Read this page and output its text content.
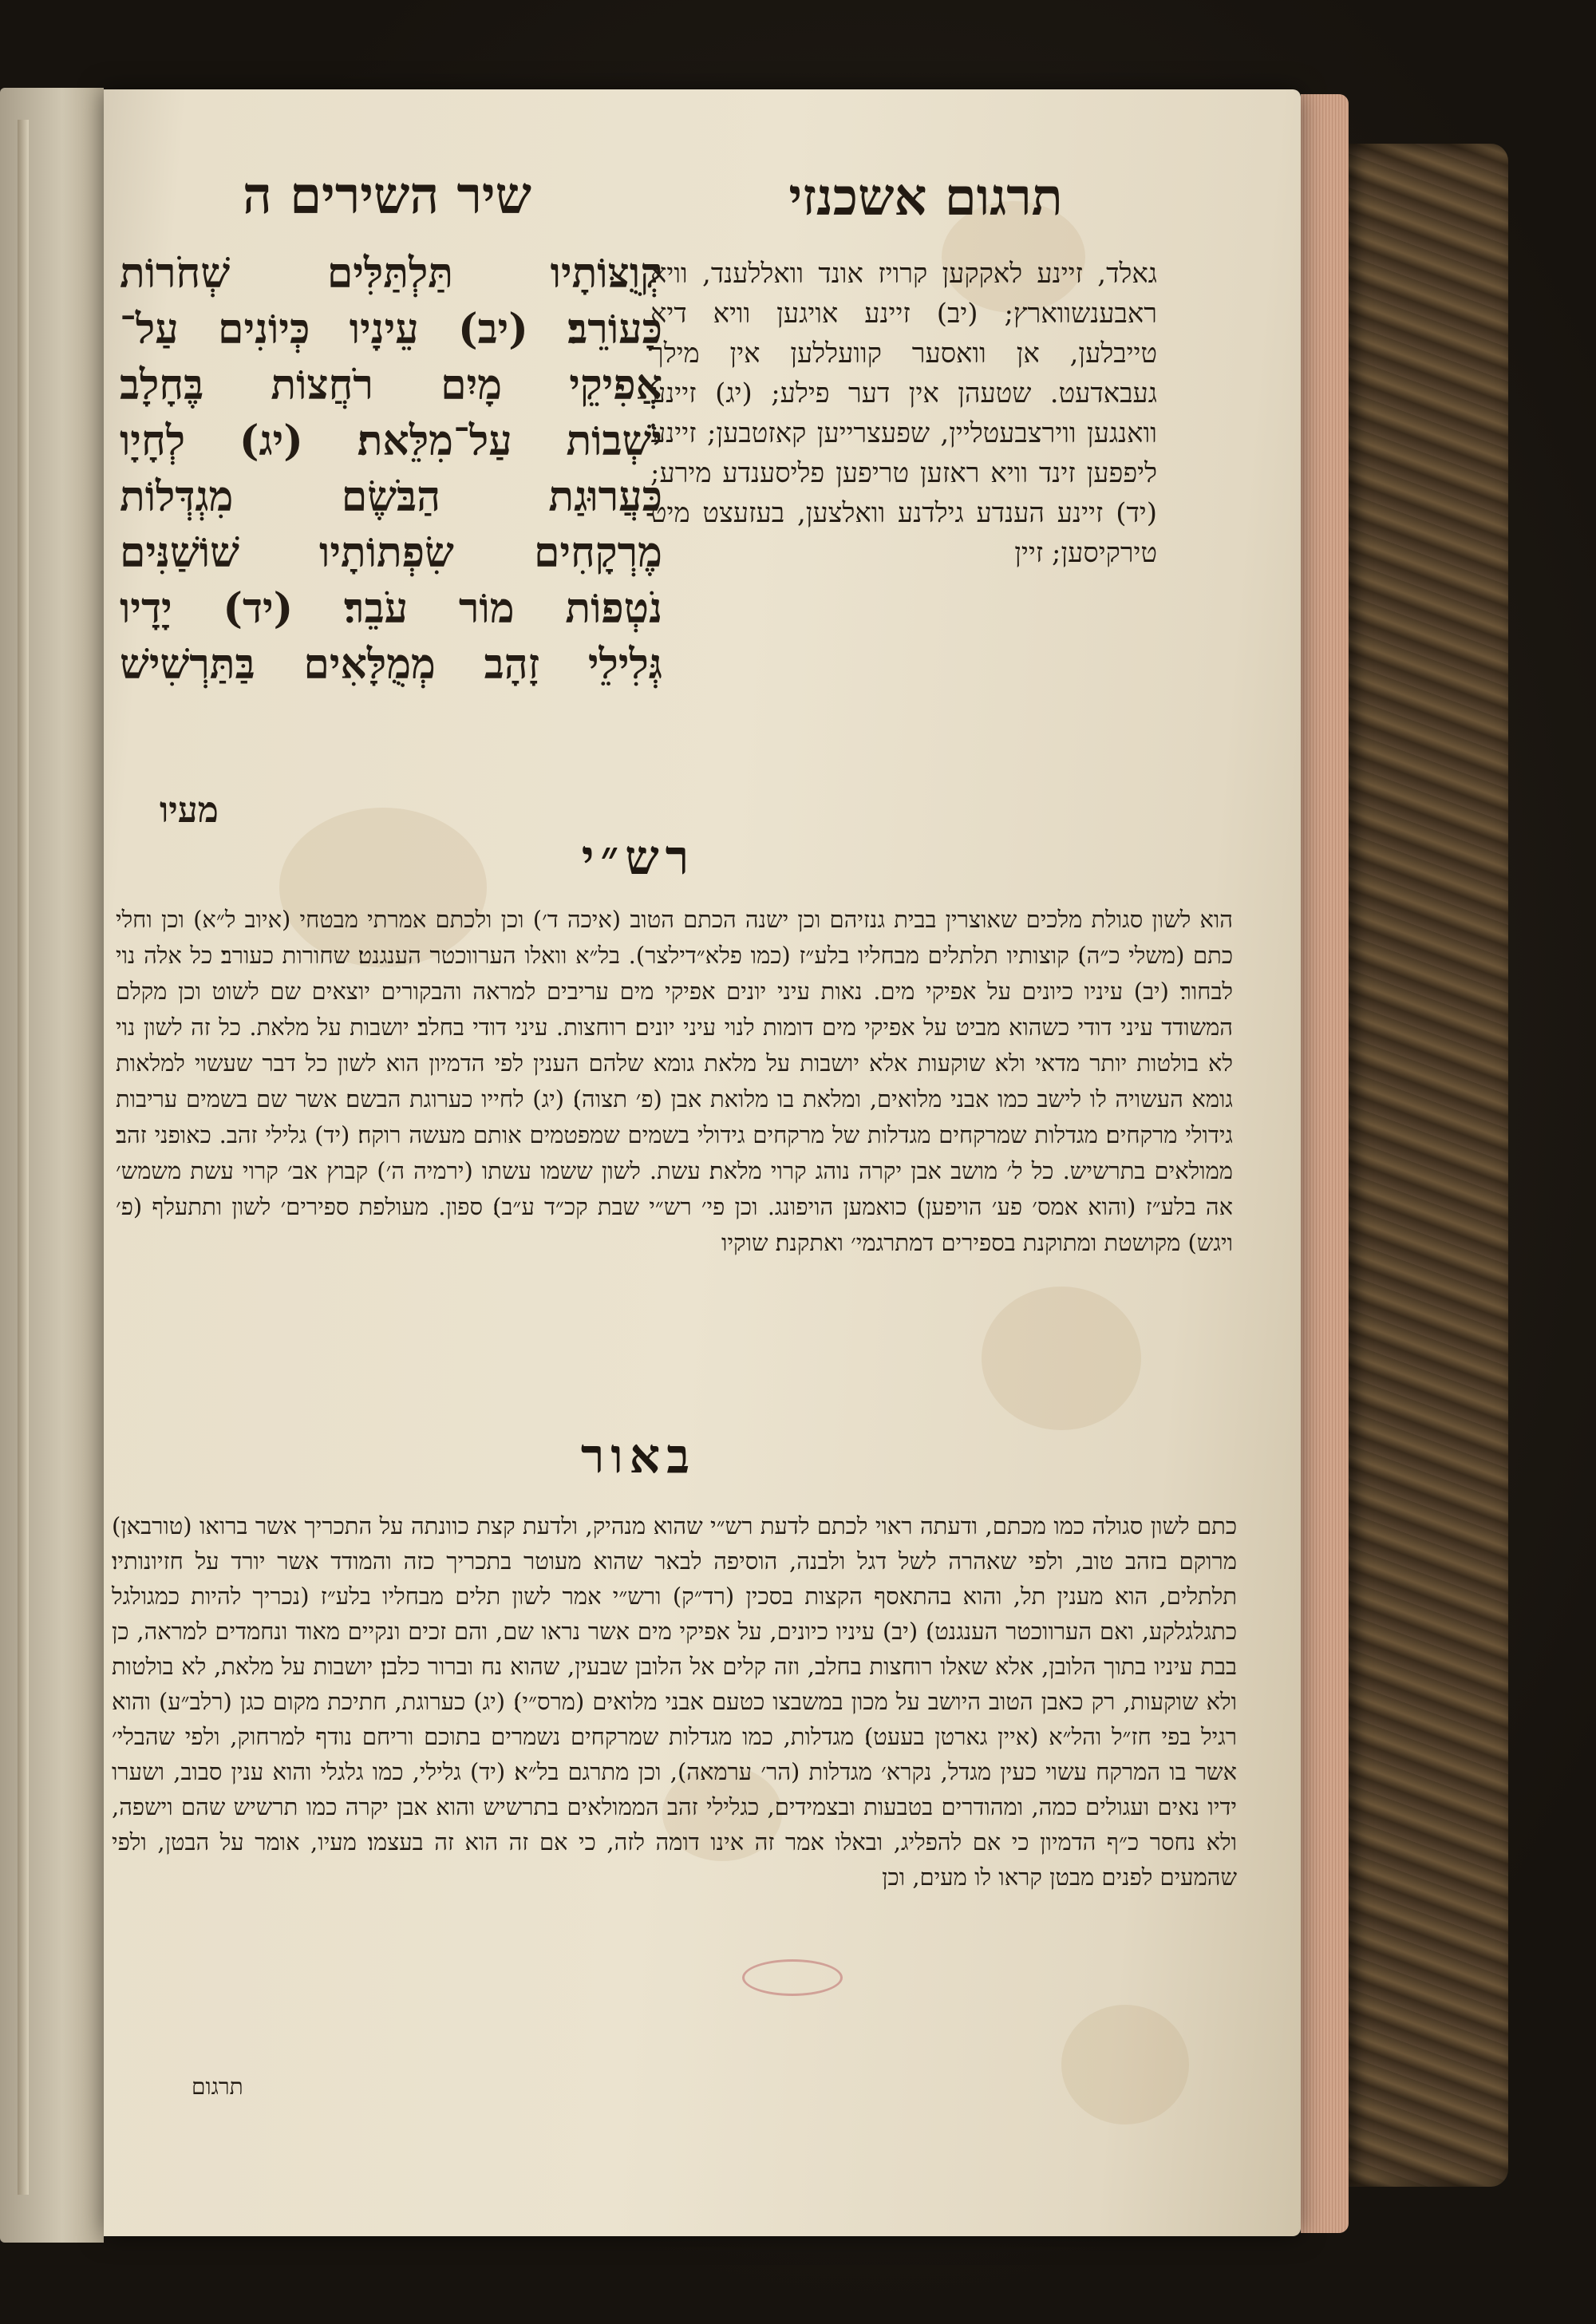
תרגום אשכנזי
שיר השירים ה

גאלד, זיינע לאקקען קרויז אונד וואללענד, וויא ראבענשווארץ; (יב) זיינע אויגען וויא דיא טייבלען, אן וואסער קוועללען אין מילך געבאדעט. שטעהן אין דער פילע; (יג) זיינע וואנגען ווירצבעטליין, שפעצרייען קאזטבען; זיינע ליפפען זינד וויא ראזען טריפען פליסענדע מירע; (יד) זיינע הענדע גילדנע וואלצען, בעזעצט מיט טירקיסען; זיין

קְוֻצּוֹתָיו תַּלְתַּלִּים שְׁחֹרוֹת
כָּעוֹרֵב׃ (יב) עֵינָיו כְּיוֹנִים עַל־
אֲפִיקֵי מָיִם רֹחֲצוֹת בֶּחָלָב
יֹשְׁבוֹת עַל־מִלֵּאת׃ (יג) לְחָיָו
כַּעֲרוּגַת הַבֹּשֶׂם מִגְדְּלוֹת
מֶרְקָחִים שִׂפְתוֹתָיו שׁוֹשַׁנִּים
נֹטְפוֹת מוֹר עֹבֵר׃ (יד) יָדָיו
גְּלִילֵי זָהָב מְמֻלָּאִים בַּתַּרְשִׁישׁ
מעיו
רש״י

הוא לשון סגולת מלכים שאוצרין בבית גנזיהם וכן ישנה הכתם הטוב (איכה ד׳) וכן ולכתם אמרתי מבטחי (איוב ל״א) וכן וחלי כתם (משלי כ״ה)׃ קוצותיו תלתלים מבחליו בלע״ז (כמו פלא״דילצר). בל״א וואלו הערווכטר הענגנט׃ שחורות כעורב׃ כל אלה נוי לבחור׃ (יב) עיניו כיונים על אפיקי מים. נאות עיני יונים אפיקי מים עריבים למראה והבקורים יוצאים שם לשוט וכן מקלם המשודד עיני דודי כשהוא מביט על אפיקי מים דומות לנוי עיני יונים׃ רוחצות. עיני דודי בחלב׃ יושבות על מלאת. כל זה לשון נוי לא בולטות יותר מדאי ולא שוקעות אלא יושבות על מלאת גומא שלהם הענין לפי הדמיון הוא לשון כל דבר שעשוי למלאות גומא העשויה לו לישב כמו אבני מלואים, ומלאת בו מלואת אבן (פ׳ תצוה)׃ (יג) לחייו כערוגת הבשם׃ אשר שם בשמים עריבות גידולי מרקחים׃ מגדלות שמרקחים מגדלות של מרקחים גידולי בשמים שמפטמים אותם מעשה רוקח׃ (יד) גלילי זהב. כאופני זהב׃ ממולאים בתרשיש. כל ל׳ מושב אבן יקרה נוהג קרוי מלאת׃ עשת. לשון ששמו עשתו (ירמיה ה׳) קבוץ אב׳ קרוי עשת משמש׳ אה בלע״ז (והוא אמס׳ פע׳ הויפען) כואמען הויפונג. וכן פי׳ רש״י שבת קכ״ד ע״ב)׃ ספון. מעולפת ספירים׳ לשון ותתעלף (פ׳ ויגש) מקושטת ומתוקנת בספירים דמתרגמי׳ ואתקנת׃ שוקיו

באור

כתם לשון סגולה כמו מכתם, ודעתה ראוי לכתם לדעת רש״י שהוא מנהיק, ולדעת קצת כוונתה על התכריך אשר ברואו (טורבאן) מרוקם בזהב טוב, ולפי שאהרה לשל דגל ולבנה, הוסיפה לבאר שהוא מעוטר בתכריך כזה והמודד אשר יורד על חזיונותיו׃ תלתלים, הוא מענין תל, והוא בהתאסף הקצות בסכין (רד״ק) ורש״י אמר לשון תלים מבחליו בלע״ז (נכריך להיות כמגולגל כתגלגלקע, ואם הערווכטר הענגנט)׃ (יב) עיניו כיונים, על אפיקי מים אשר נראו שם, והם זכים ונקיים מאוד ונחמדים למראה, כן בבת עיניו בתוך הלובן, אלא שאלו רוחצות בחלב, וזה קלים אל הלובן שבעין, שהוא נח וברור כלבן׃ יושבות על מלאת, לא בולטות ולא שוקעות, רק כאבן הטוב היושב על מכון במשבצו כטעם אבני מלואים (מרס״י)׃ (יג) כערוגת, חתיכת מקום כגן (רלב״ע) והוא רגיל בפי חז״ל והל״א (איין גארטן בעעט)׃ מגדלות, כמו מגדלות שמרקחים נשמרים בתוכם וריחם נודף למרחוק, ולפי שהבלי׳ אשר בו המרקח עשוי כעין מגדל, נקרא׳ מגדלות (הר׳ ערמאה), וכן מתרגם בל״א׃ (יד) גלילי, כמו גלגלי והוא ענין סבוב, ושערו ידיו נאים ועגולים כמה, ומהודרים בטבעות ובצמידים, כגלילי זהב הממולאים בתרשיש והוא אבן יקרה כמו תרשיש שהם וישפה, ולא נחסר כ״ף הדמיון כי אם להפליג, ובאלו אמר זה אינו דומה לזה, כי אם זה הוא זה בעצמו׃ מעיו, אומר על הבטן, ולפי שהמעים לפנים מבטן קראו לו מעים, וכן

תרגום
